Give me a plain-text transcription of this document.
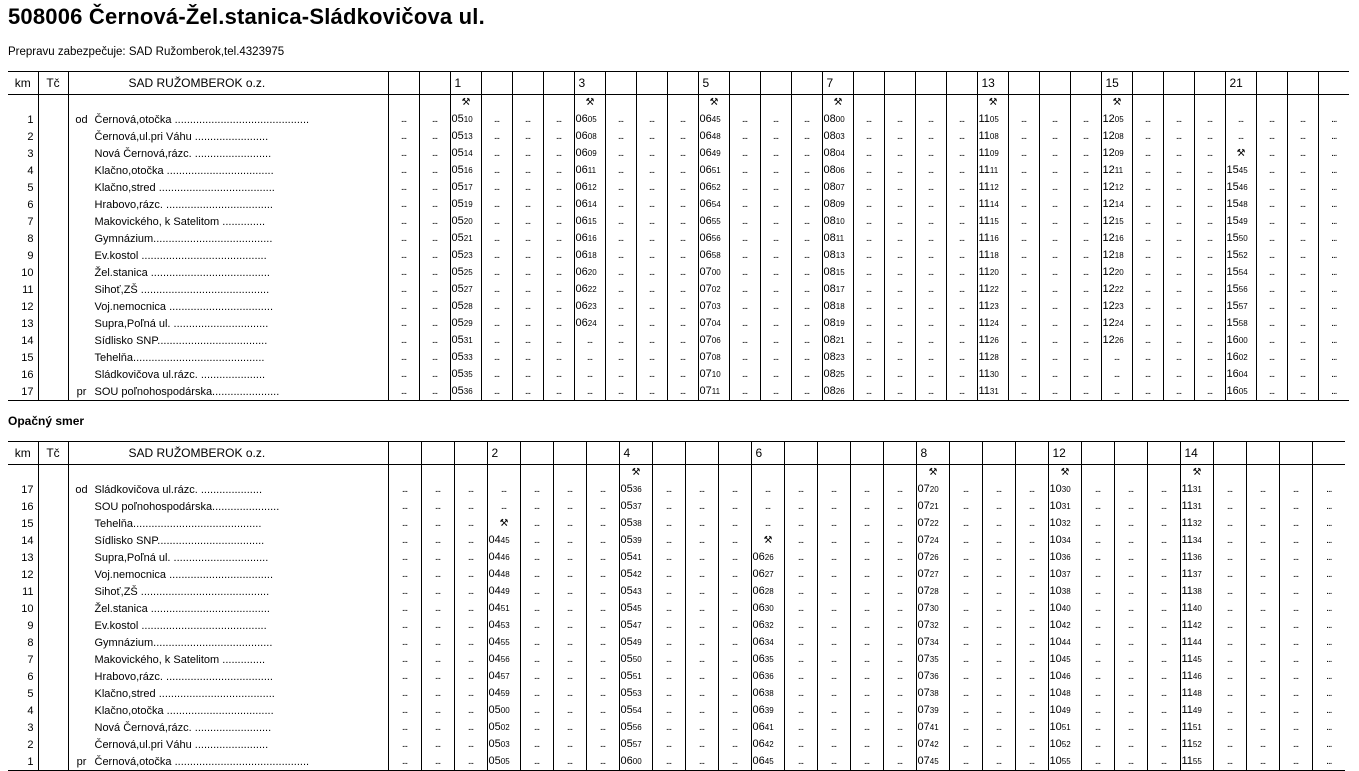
508006 Černová-Žel.stanica-Sládkovičova ul.
Prepravu zabezpečuje: SAD Ružomberok,tel.4323975
km	Tč	SAD RUŽOMBEROK o.z.			1				3				5				7					13				15				21			
					⚒				⚒				⚒				⚒					⚒				⚒							
1		od Černová,otočka ............................................	...	...	0510	...	...	...	0605	...	...	...	0645	...	...	...	0800	...	...	...	...	1105	...	...	...	1205	...	...	...	...	...	...	...
2		Černová,ul.pri Váhu ........................	...	...	0513	...	...	...	0608	...	...	...	0648	...	...	...	0803	...	...	...	...	1108	...	...	...	1208	...	...	...	...	...	...	...
3		Nová Černová,rázc. .........................	...	...	0514	...	...	...	0609	...	...	...	0649	...	...	...	0804	...	...	...	...	1109	...	...	...	1209	...	...	...	⚒	...	...	...
4		Klačno,otočka ...................................	...	...	0516	...	...	...	0611	...	...	...	0651	...	...	...	0806	...	...	...	...	1111	...	...	...	1211	...	...	...	1545	...	...	...
5		Klačno,stred ......................................	...	...	0517	...	...	...	0612	...	...	...	0652	...	...	...	0807	...	...	...	...	1112	...	...	...	1212	...	...	...	1546	...	...	...
6		Hrabovo,rázc. ...................................	...	...	0519	...	...	...	0614	...	...	...	0654	...	...	...	0809	...	...	...	...	1114	...	...	...	1214	...	...	...	1548	...	...	...
7		Makovického, k Satelitom ..............	...	...	0520	...	...	...	0615	...	...	...	0655	...	...	...	0810	...	...	...	...	1115	...	...	...	1215	...	...	...	1549	...	...	...
8		Gymnázium.......................................	...	...	0521	...	...	...	0616	...	...	...	0656	...	...	...	0811	...	...	...	...	1116	...	...	...	1216	...	...	...	1550	...	...	...
9		Ev.kostol .........................................	...	...	0523	...	...	...	0618	...	...	...	0658	...	...	...	0813	...	...	...	...	1118	...	...	...	1218	...	...	...	1552	...	...	...
10		Žel.stanica .......................................	...	...	0525	...	...	...	0620	...	...	...	0700	...	...	...	0815	...	...	...	...	1120	...	...	...	1220	...	...	...	1554	...	...	...
11		Sihoť,ZŠ ..........................................	...	...	0527	...	...	...	0622	...	...	...	0702	...	...	...	0817	...	...	...	...	1122	...	...	...	1222	...	...	...	1556	...	...	...
12		Voj.nemocnica ..................................	...	...	0528	...	...	...	0623	...	...	...	0703	...	...	...	0818	...	...	...	...	1123	...	...	...	1223	...	...	...	1557	...	...	...
13		Supra,Poľná ul. ...............................	...	...	0529	...	...	...	0624	...	...	...	0704	...	...	...	0819	...	...	...	...	1124	...	...	...	1224	...	...	...	1558	...	...	...
14		Sídlisko SNP....................................	...	...	0531	...	...	...	...	...	...	...	0706	...	...	...	0821	...	...	...	...	1126	...	...	...	1226	...	...	...	1600	...	...	...
15		Tehelňa...........................................	...	...	0533	...	...	...	...	...	...	...	0708	...	...	...	0823	...	...	...	...	1128	...	...	...	...	...	...	...	1602	...	...	...
16		Sládkovičova ul.rázc. .....................	...	...	0535	...	...	...	...	...	...	...	0710	...	...	...	0825	...	...	...	...	1130	...	...	...	...	...	...	...	1604	...	...	...
17		pr SOU poľnohospodárska......................	...	...	0536	...	...	...	...	...	...	...	0711	...	...	...	0826	...	...	...	...	1131	...	...	...	...	...	...	...	1605	...	...	...
Opačný smer
km	Tč	SAD RUŽOMBEROK o.z.				2				4				6					8				12				14				
										⚒									⚒				⚒				⚒				
17		od Sládkovičova ul.rázc. ....................	...	...	...	...	...	...	...	0536	...	...	...	...	...	...	...	...	0720	...	...	...	1030	...	...	...	1131	...	...	...	...
16		SOU poľnohospodárska......................	...	...	...	...	...	...	...	0537	...	...	...	...	...	...	...	...	0721	...	...	...	1031	...	...	...	1131	...	...	...	...
15		Tehelňa..........................................	...	...	...	⚒	...	...	...	0538	...	...	...	...	...	...	...	...	0722	...	...	...	1032	...	...	...	1132	...	...	...	...
14		Sídlisko SNP...................................	...	...	...	0445	...	...	...	0539	...	...	...	⚒	...	...	...	...	0724	...	...	...	1034	...	...	...	1134	...	...	...	...
13		Supra,Poľná ul. ...............................	...	...	...	0446	...	...	...	0541	...	...	...	0626	...	...	...	...	0726	...	...	...	1036	...	...	...	1136	...	...	...	...
12		Voj.nemocnica ..................................	...	...	...	0448	...	...	...	0542	...	...	...	0627	...	...	...	...	0727	...	...	...	1037	...	...	...	1137	...	...	...	...
11		Sihoť,ZŠ ..........................................	...	...	...	0449	...	...	...	0543	...	...	...	0628	...	...	...	...	0728	...	...	...	1038	...	...	...	1138	...	...	...	...
10		Žel.stanica .......................................	...	...	...	0451	...	...	...	0545	...	...	...	0630	...	...	...	...	0730	...	...	...	1040	...	...	...	1140	...	...	...	...
9		Ev.kostol .........................................	...	...	...	0453	...	...	...	0547	...	...	...	0632	...	...	...	...	0732	...	...	...	1042	...	...	...	1142	...	...	...	...
8		Gymnázium.......................................	...	...	...	0455	...	...	...	0549	...	...	...	0634	...	...	...	...	0734	...	...	...	1044	...	...	...	1144	...	...	...	...
7		Makovického, k Satelitom ..............	...	...	...	0456	...	...	...	0550	...	...	...	0635	...	...	...	...	0735	...	...	...	1045	...	...	...	1145	...	...	...	...
6		Hrabovo,rázc. ...................................	...	...	...	0457	...	...	...	0551	...	...	...	0636	...	...	...	...	0736	...	...	...	1046	...	...	...	1146	...	...	...	...
5		Klačno,stred ......................................	...	...	...	0459	...	...	...	0553	...	...	...	0638	...	...	...	...	0738	...	...	...	1048	...	...	...	1148	...	...	...	...
4		Klačno,otočka ...................................	...	...	...	0500	...	...	...	0554	...	...	...	0639	...	...	...	...	0739	...	...	...	1049	...	...	...	1149	...	...	...	...
3		Nová Černová,rázc. .........................	...	...	...	0502	...	...	...	0556	...	...	...	0641	...	...	...	...	0741	...	...	...	1051	...	...	...	1151	...	...	...	...
2		Černová,ul.pri Váhu ........................	...	...	...	0503	...	...	...	0557	...	...	...	0642	...	...	...	...	0742	...	...	...	1052	...	...	...	1152	...	...	...	...
1		pr Černová,otočka ............................................	...	...	...	0505	...	...	...	0600	...	...	...	0645	...	...	...	...	0745	...	...	...	1055	...	...	...	1155	...	...	...	...
